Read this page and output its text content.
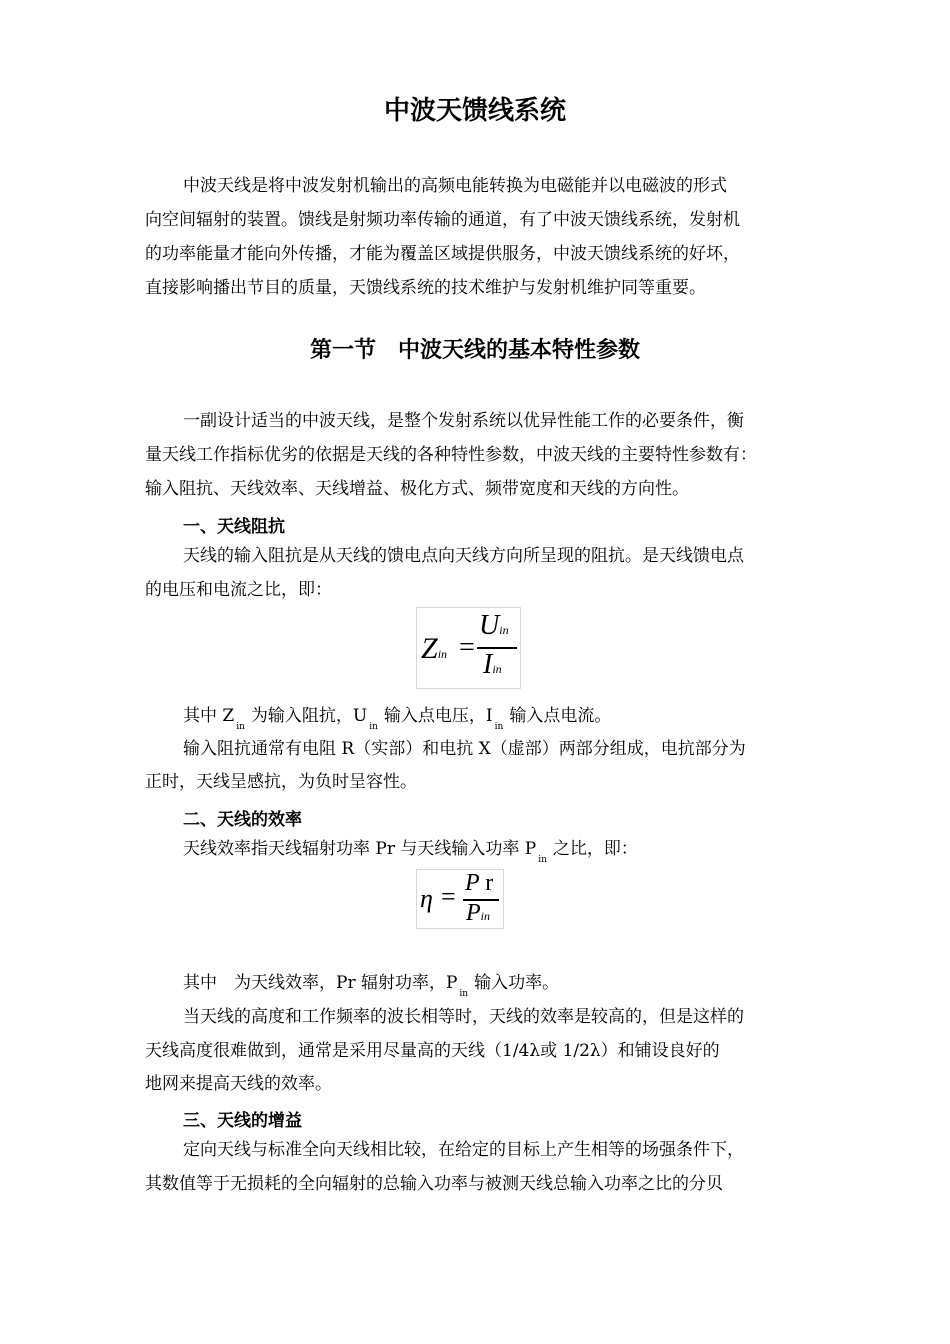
中波天馈线系统
中波天线是将中波发射机输出的高频电能转换为电磁能并以电磁波的形式
向空间辐射的装置。馈线是射频功率传输的通道，有了中波天馈线系统，发射机
的功率能量才能向外传播，才能为覆盖区域提供服务，中波天馈线系统的好坏，
直接影响播出节目的质量，天馈线系统的技术维护与发射机维护同等重要。
第一节　中波天线的基本特性参数
一副设计适当的中波天线，是整个发射系统以优异性能工作的必要条件，衡
量天线工作指标优劣的依据是天线的各种特性参数，中波天线的主要特性参数有：
输入阻抗、天线效率、天线增益、极化方式、频带宽度和天线的方向性。
一、天线阻抗
天线的输入阻抗是从天线的馈电点向天线方向所呈现的阻抗。是天线馈电点
的电压和电流之比，即：
Zin =
Uin
Iin
其中 $Z_{in}$为输入阻抗，$U_{in}$输入点电压，$I_{in}$输入点电流。
输入阻抗通常有电阻 R（实部）和电抗 X（虚部）两部分组成，电抗部分为
正时，天线呈感抗，为负时呈容性。
二、天线的效率
天线效率指天线辐射功率 Pr 与天线输入功率 $P_{in}$之比，即：
η = P r
Pin
其中　为天线效率，Pr 辐射功率，$P_{in}$输入功率。
当天线的高度和工作频率的波长相等时，天线的效率是较高的，但是这样的
天线高度很难做到，通常是采用尽量高的天线（1/4λ或 1/2λ）和铺设良好的
地网来提高天线的效率。
三、天线的增益
定向天线与标准全向天线相比较，在给定的目标上产生相等的场强条件下，
其数值等于无损耗的全向辐射的总输入功率与被测天线总输入功率之比的分贝
